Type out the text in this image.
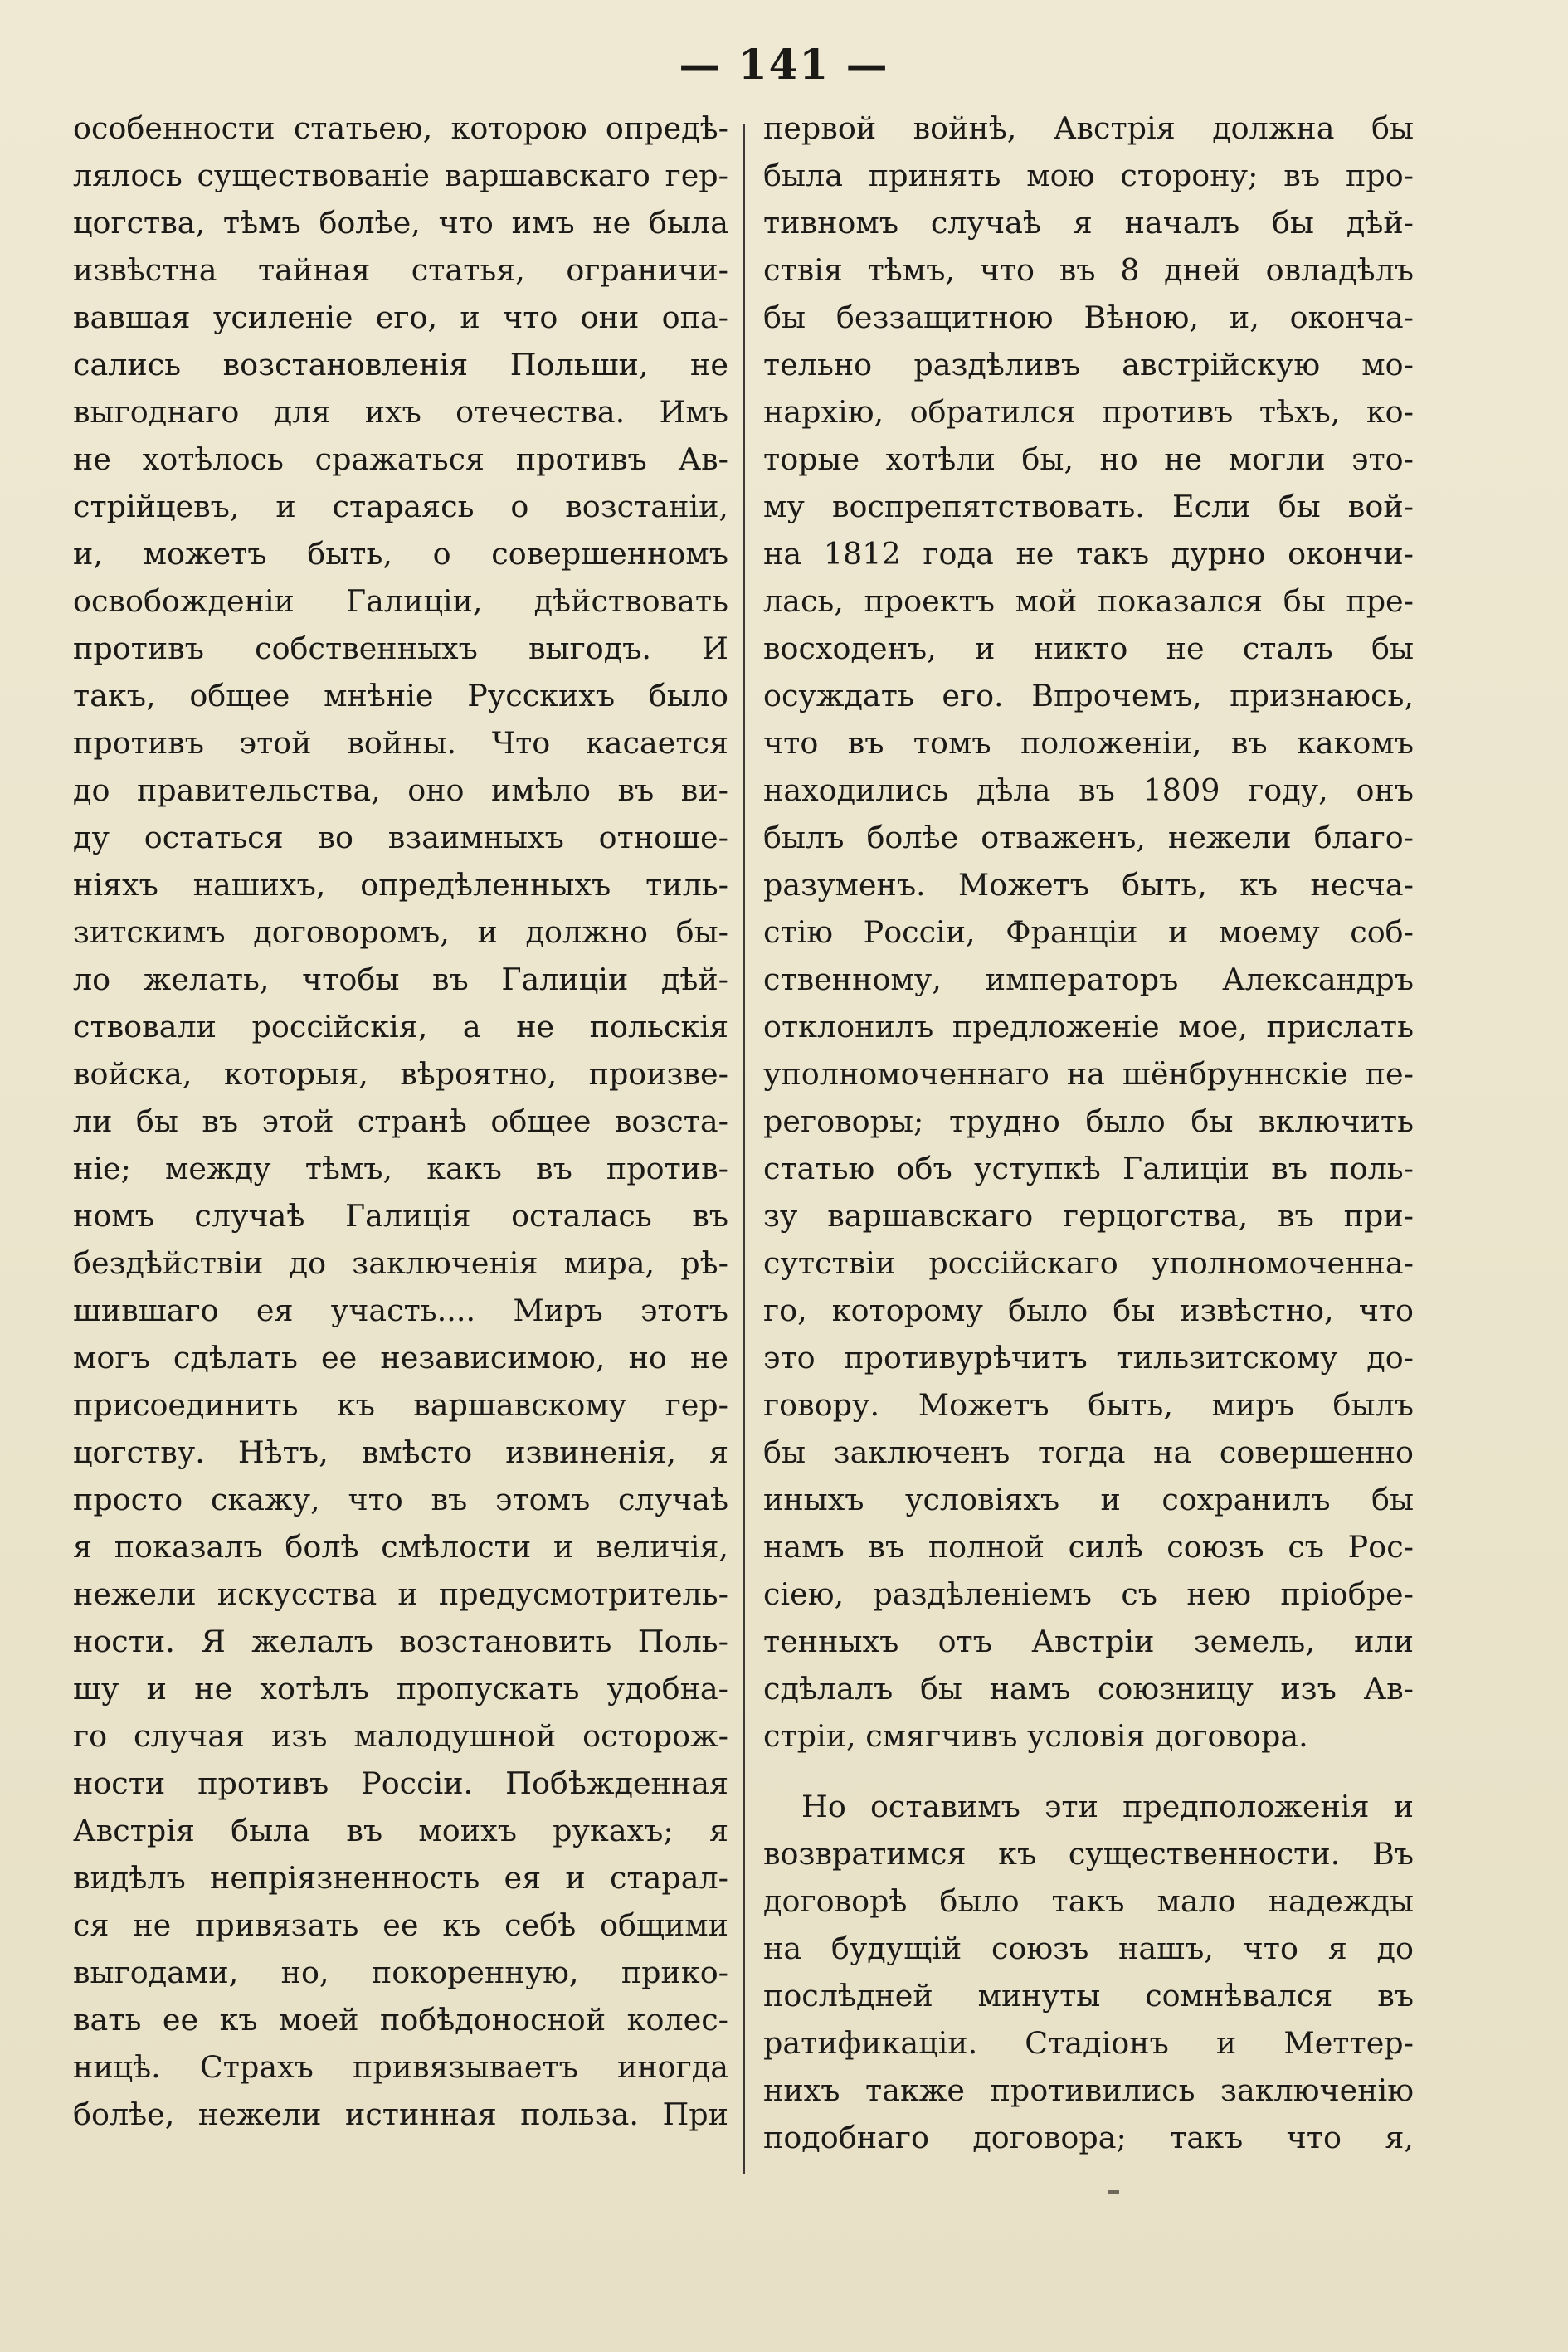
— 141 —
особенности статьею, которою опредѣ-
лялось существованіе варшавскаго гер-
цогства, тѣмъ болѣе, что имъ не была
извѣстна тайная статья, ограничи-
вавшая усиленіе его, и что они опа-
сались возстановленія Польши, не
выгоднаго для ихъ отечества. Имъ
не хотѣлось сражаться противъ Ав-
стрійцевъ, и стараясь о возстаніи,
и, можетъ быть, о совершенномъ
освобожденіи Галиціи, дѣйствовать
противъ собственныхъ выгодъ. И
такъ, общее мнѣніе Русскихъ было
противъ этой войны. Что касается
до правительства, оно имѣло въ ви-
ду остаться во взаимныхъ отноше-
ніяхъ нашихъ, опредѣленныхъ тиль-
зитскимъ договоромъ, и должно бы-
ло желать, чтобы въ Галиціи дѣй-
ствовали россійскія, а не польскія
войска, которыя, вѣроятно, произве-
ли бы въ этой странѣ общее возста-
ніе; между тѣмъ, какъ въ против-
номъ случаѣ Галиція осталась въ
бездѣйствіи до заключенія мира, рѣ-
шившаго ея участь.... Миръ этотъ
могъ сдѣлать ее независимою, но не
присоединить къ варшавскому гер-
цогству. Нѣтъ, вмѣсто извиненія, я
просто скажу, что въ этомъ случаѣ
я показалъ болѣ смѣлости и величія,
нежели искусства и предусмотритель-
ности. Я желалъ возстановить Поль-
шу и не хотѣлъ пропускать удобна-
го случая изъ малодушной осторож-
ности противъ Россіи. Побѣжденная
Австрія была въ моихъ рукахъ; я
видѣлъ непріязненность ея и старал-
ся не привязать ее къ себѣ общими
выгодами, но, покоренную, прико-
вать ее къ моей побѣдоносной колес-
ницѣ. Страхъ привязываетъ иногда
болѣе, нежели истинная польза. При
первой войнѣ, Австрія должна бы
была принять мою сторону; въ про-
тивномъ случаѣ я началъ бы дѣй-
ствія тѣмъ, что въ 8 дней овладѣлъ
бы беззащитною Вѣною, и, оконча-
тельно раздѣливъ австрійскую мо-
нархію, обратился противъ тѣхъ, ко-
торые хотѣли бы, но не могли это-
му воспрепятствовать. Если бы вой-
на 1812 года не такъ дурно окончи-
лась, проектъ мой показался бы пре-
восходенъ, и никто не сталъ бы
осуждать его. Впрочемъ, признаюсь,
что въ томъ положеніи, въ какомъ
находились дѣла въ 1809 году, онъ
былъ болѣе отваженъ, нежели благо-
разуменъ. Можетъ быть, къ несча-
стію Россіи, Франціи и моему соб-
ственному, императоръ Александръ
отклонилъ предложеніе мое, прислать
уполномоченнаго на шёнбруннскіе пе-
реговоры; трудно было бы включить
статью объ уступкѣ Галиціи въ поль-
зу варшавскаго герцогства, въ при-
сутствіи россійскаго уполномоченна-
го, которому было бы извѣстно, что
это противурѣчитъ тильзитскому до-
говору. Можетъ быть, миръ былъ
бы заключенъ тогда на совершенно
иныхъ условіяхъ и сохранилъ бы
намъ въ полной силѣ союзъ съ Рос-
сіею, раздѣленіемъ съ нею пріобре-
тенныхъ отъ Австріи земель, или
сдѣлалъ бы намъ союзницу изъ Ав-
стріи, смягчивъ условія договора.
Но оставимъ эти предположенія и
возвратимся къ существенности. Въ
договорѣ было такъ мало надежды
на будущій союзъ нашъ, что я до
послѣдней минуты сомнѣвался въ
ратификаціи. Стадіонъ и Меттер-
нихъ также противились заключенію
подобнаго договора; такъ что я,
